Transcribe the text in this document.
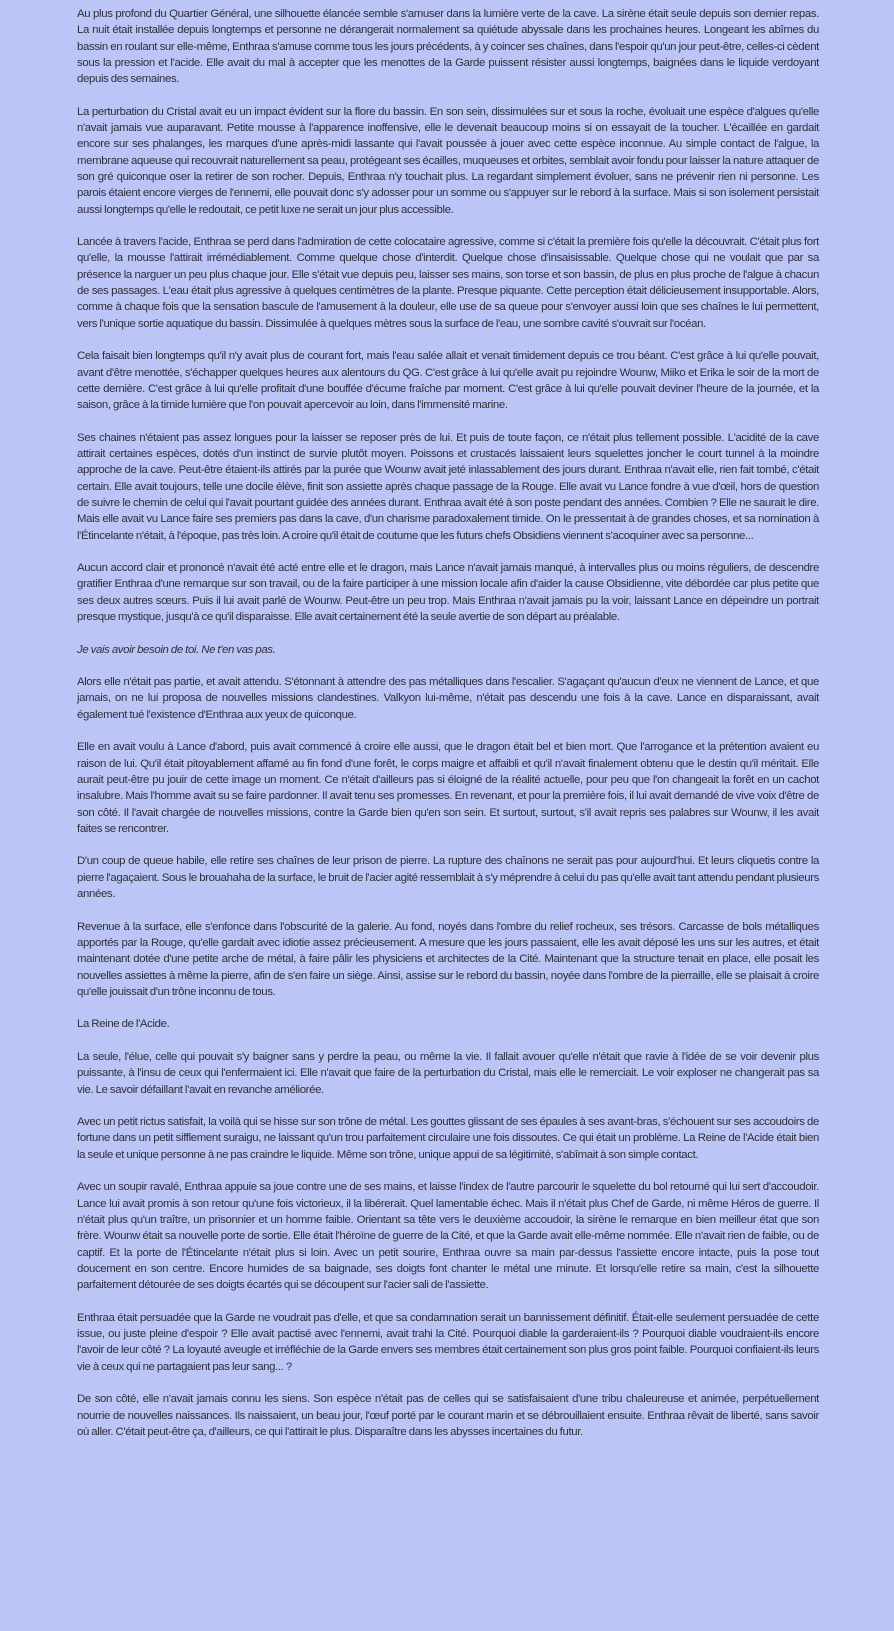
Au plus profond du Quartier Général, une silhouette élancée semble s'amuser dans la lumière verte de la cave. La sirène était seule depuis son dernier repas. La nuit était installée depuis longtemps et personne ne dérangerait normalement sa quiétude abyssale dans les prochaines heures. Longeant les abîmes du bassin en roulant sur elle-même, Enthraa s'amuse comme tous les jours précédents, à y coincer ses chaînes, dans l'espoir qu'un jour peut-être, celles-ci cèdent sous la pression et l'acide. Elle avait du mal à accepter que les menottes de la Garde puissent résister aussi longtemps, baignées dans le liquide verdoyant depuis des semaines.

La perturbation du Cristal avait eu un impact évident sur la flore du bassin. En son sein, dissimulées sur et sous la roche, évoluait une espèce d'algues qu'elle n'avait jamais vue auparavant. Petite mousse à l'apparence inoffensive, elle le devenait beaucoup moins si on essayait de la toucher. L'écaillée en gardait encore sur ses phalanges, les marques d'une après-midi lassante qui l'avait poussée à jouer avec cette espèce inconnue. Au simple contact de l'algue, la membrane aqueuse qui recouvrait naturellement sa peau, protégeant ses écailles, muqueuses et orbites, semblait avoir fondu pour laisser la nature attaquer de son gré quiconque oser la retirer de son rocher. Depuis, Enthraa n'y touchait plus. La regardant simplement évoluer, sans ne prévenir rien ni personne. Les parois étaient encore vierges de l'ennemi, elle pouvait donc s'y adosser pour un somme ou s'appuyer sur le rebord à la surface. Mais si son isolement persistait aussi longtemps qu'elle le redoutait, ce petit luxe ne serait un jour plus accessible.

Lancée à travers l'acide, Enthraa se perd dans l'admiration de cette colocataire agressive, comme si c'était la première fois qu'elle la découvrait. C'était plus fort qu'elle, la mousse l'attirait irrémédiablement. Comme quelque chose d'interdit. Quelque chose d'insaisissable. Quelque chose qui ne voulait que par sa présence la narguer un peu plus chaque jour. Elle s'était vue depuis peu, laisser ses mains, son torse et son bassin, de plus en plus proche de l'algue à chacun de ses passages. L'eau était plus agressive à quelques centimètres de la plante. Presque piquante. Cette perception était délicieusement insupportable. Alors, comme à chaque fois que la sensation bascule de l'amusement à la douleur, elle use de sa queue pour s'envoyer aussi loin que ses chaînes le lui permettent, vers l'unique sortie aquatique du bassin. Dissimulée à quelques mètres sous la surface de l'eau, une sombre cavité s'ouvrait sur l'océan.

Cela faisait bien longtemps qu'il n'y avait plus de courant fort, mais l'eau salée allait et venait timidement depuis ce trou béant. C'est grâce à lui qu'elle pouvait, avant d'être menottée, s'échapper quelques heures aux alentours du QG. C'est grâce à lui qu'elle avait pu rejoindre Wounw, Miiko et Erika le soir de la mort de cette dernière. C'est grâce à lui qu'elle profitait d'une bouffée d'écume fraîche par moment. C'est grâce à lui qu'elle pouvait deviner l'heure de la journée, et la saison, grâce à la timide lumière que l'on pouvait apercevoir au loin, dans l'immensité marine.

Ses chaines n'étaient pas assez longues pour la laisser se reposer près de lui. Et puis de toute façon, ce n'était plus tellement possible. L'acidité de la cave attirait certaines espèces, dotés d'un instinct de survie plutôt moyen. Poissons et crustacés laissaient leurs squelettes joncher le court tunnel à la moindre approche de la cave. Peut-être étaient-ils attirés par la purée que Wounw avait jeté inlassablement des jours durant. Enthraa n'avait elle, rien fait tombé, c'était certain. Elle avait toujours, telle une docile élève, finit son assiette après chaque passage de la Rouge. Elle avait vu Lance fondre à vue d'œil, hors de question de suivre le chemin de celui qui l'avait pourtant guidée des années durant. Enthraa avait été à son poste pendant des années. Combien ? Elle ne saurait le dire. Mais elle avait vu Lance faire ses premiers pas dans la cave, d'un charisme paradoxalement timide. On le pressentait à de grandes choses, et sa nomination à l'Étincelante n'était, à l'époque, pas très loin. A croire qu'il était de coutume que les futurs chefs Obsidiens viennent s'acoquiner avec sa personne...

Aucun accord clair et prononcé n'avait été acté entre elle et le dragon, mais Lance n'avait jamais manqué, à intervalles plus ou moins réguliers, de descendre gratifier Enthraa d'une remarque sur son travail, ou de la faire participer à une mission locale afin d'aider la cause Obsidienne, vite débordée car plus petite que ses deux autres sœurs. Puis il lui avait parlé de Wounw. Peut-être un peu trop. Mais Enthraa n'avait jamais pu la voir, laissant Lance en dépeindre un portrait presque mystique, jusqu'à ce qu'il disparaisse. Elle avait certainement été la seule avertie de son départ au préalable.

Je vais avoir besoin de toi. Ne t'en vas pas.

Alors elle n'était pas partie, et avait attendu. S'étonnant à attendre des pas métalliques dans l'escalier. S'agaçant qu'aucun d'eux ne viennent de Lance, et que jamais, on ne lui proposa de nouvelles missions clandestines. Valkyon lui-même, n'était pas descendu une fois à la cave. Lance en disparaissant, avait également tué l'existence d'Enthraa aux yeux de quiconque.

Elle en avait voulu à Lance d'abord, puis avait commencé à croire elle aussi, que le dragon était bel et bien mort. Que l'arrogance et la prétention avaient eu raison de lui. Qu'il était pitoyablement affamé au fin fond d'une forêt, le corps maigre et affaibli et qu'il n'avait finalement obtenu que le destin qu'il méritait. Elle aurait peut-être pu jouir de cette image un moment. Ce n'était d'ailleurs pas si éloigné de la réalité actuelle, pour peu que l'on changeait la forêt en un cachot insalubre. Mais l'homme avait su se faire pardonner. Il avait tenu ses promesses. En revenant, et pour la première fois, il lui avait demandé de vive voix d'être de son côté. Il l'avait chargée de nouvelles missions, contre la Garde bien qu'en son sein. Et surtout, surtout, s'il avait repris ses palabres sur Wounw, il les avait faites se rencontrer.

D'un coup de queue habile, elle retire ses chaînes de leur prison de pierre. La rupture des chaînons ne serait pas pour aujourd'hui. Et leurs cliquetis contre la pierre l'agaçaient. Sous le brouahaha de la surface, le bruit de l'acier agité ressemblait à s'y méprendre à celui du pas qu'elle avait tant attendu pendant plusieurs années.

Revenue à la surface, elle s'enfonce dans l'obscurité de la galerie. Au fond, noyés dans l'ombre du relief rocheux, ses trésors. Carcasse de bols métalliques apportés par la Rouge, qu'elle gardait avec idiotie assez précieusement. A mesure que les jours passaient, elle les avait déposé les uns sur les autres, et était maintenant dotée d'une petite arche de métal, à faire pâlir les physiciens et architectes de la Cité. Maintenant que la structure tenait en place, elle posait les nouvelles assiettes à même la pierre, afin de s'en faire un siège. Ainsi, assise sur le rebord du bassin, noyée dans l'ombre de la pierraille, elle se plaisait à croire qu'elle jouissait d'un trône inconnu de tous.

La Reine de l'Acide.

La seule, l'élue, celle qui pouvait s'y baigner sans y perdre la peau, ou même la vie. Il fallait avouer qu'elle n'était que ravie à l'idée de se voir devenir plus puissante, à l'insu de ceux qui l'enfermaient ici. Elle n'avait que faire de la perturbation du Cristal, mais elle le remerciait. Le voir exploser ne changerait pas sa vie. Le savoir défaillant l'avait en revanche améliorée.

Avec un petit rictus satisfait, la voilà qui se hisse sur son trône de métal. Les gouttes glissant de ses épaules à ses avant-bras, s'échouent sur ses accoudoirs de fortune dans un petit sifflement suraigu, ne laissant qu'un trou parfaitement circulaire une fois dissoutes. Ce qui était un problème. La Reine de l'Acide était bien la seule et unique personne à ne pas craindre le liquide. Même son trône, unique appui de sa légitimité, s'abîmait à son simple contact.

Avec un soupir ravalé, Enthraa appuie sa joue contre une de ses mains, et laisse l'index de l'autre parcourir le squelette du bol retourné qui lui sert d'accoudoir. Lance lui avait promis à son retour qu'une fois victorieux, il la libérerait. Quel lamentable échec. Mais il n'était plus Chef de Garde, ni même Héros de guerre. Il n'était plus qu'un traître, un prisonnier et un homme faible. Orientant sa tête vers le deuxième accoudoir, la sirène le remarque en bien meilleur état que son frère. Wounw était sa nouvelle porte de sortie. Elle était l'héroïne de guerre de la Cité, et que la Garde avait elle-même nommée. Elle n'avait rien de faible, ou de captif. Et la porte de l'Étincelante n'était plus si loin. Avec un petit sourire, Enthraa ouvre sa main par-dessus l'assiette encore intacte, puis la pose tout doucement en son centre. Encore humides de sa baignade, ses doigts font chanter le métal une minute. Et lorsqu'elle retire sa main, c'est la silhouette parfaitement détourée de ses doigts écartés qui se découpent sur l'acier sali de l'assiette.

Enthraa était persuadée que la Garde ne voudrait pas d'elle, et que sa condamnation serait un bannissement définitif. Était-elle seulement persuadée de cette issue, ou juste pleine d'espoir ? Elle avait pactisé avec l'ennemi, avait trahi la Cité. Pourquoi diable la garderaient-ils ? Pourquoi diable voudraient-ils encore l'avoir de leur côté ? La loyauté aveugle et irréfléchie de la Garde envers ses membres était certainement son plus gros point faible. Pourquoi confiaient-ils leurs vie à ceux qui ne partagaient pas leur sang... ?

De son côté, elle n'avait jamais connu les siens. Son espèce n'était pas de celles qui se satisfaisaient d'une tribu chaleureuse et animée, perpétuellement nourrie de nouvelles naissances. Ils naissaient, un beau jour, l'œuf porté par le courant marin et se débrouillaient ensuite. Enthraa rêvait de liberté, sans savoir où aller. C'était peut-être ça, d'ailleurs, ce qui l'attirait le plus. Disparaître dans les abysses incertaines du futur.
